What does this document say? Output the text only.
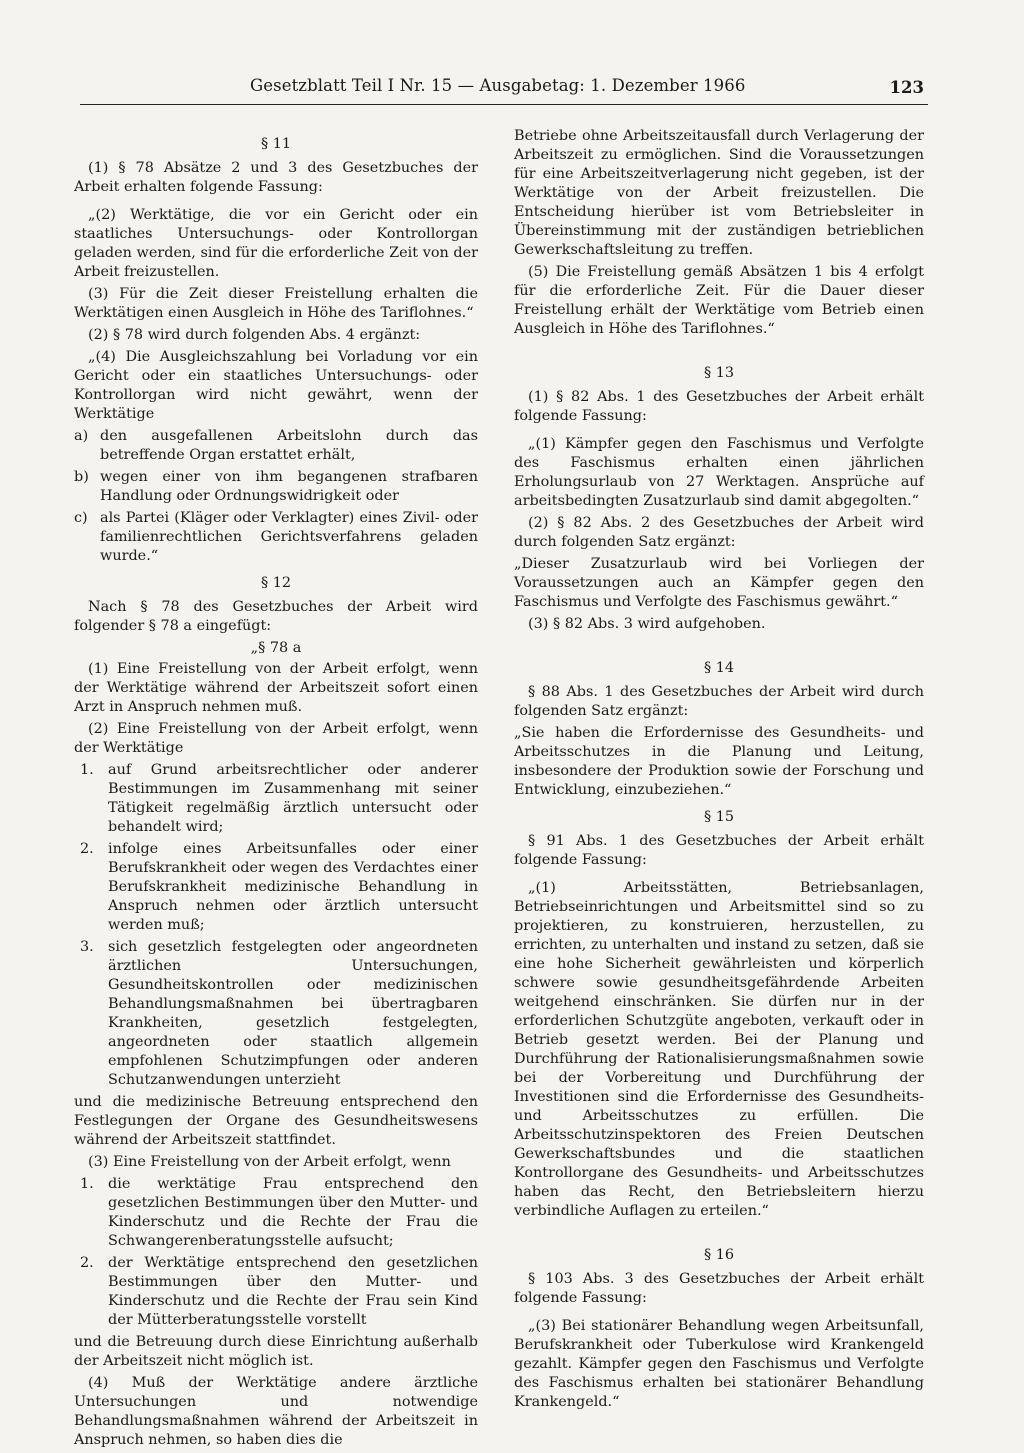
Gesetzblatt Teil I Nr. 15 — Ausgabetag: 1. Dezember 1966	123
§ 11
(1) § 78 Absätze 2 und 3 des Gesetzbuches der Arbeit erhalten folgende Fassung:
„(2) Werktätige, die vor ein Gericht oder ein staatliches Untersuchungs- oder Kontrollorgan geladen werden, sind für die erforderliche Zeit von der Arbeit freizustellen.
(3) Für die Zeit dieser Freistellung erhalten die Werktätigen einen Ausgleich in Höhe des Tariflohnes.“
(2) § 78 wird durch folgenden Abs. 4 ergänzt:
„(4) Die Ausgleichszahlung bei Vorladung vor ein Gericht oder ein staatliches Untersuchungs- oder Kontrollorgan wird nicht gewährt, wenn der Werktätige
a) den ausgefallenen Arbeitslohn durch das betreffende Organ erstattet erhält,
b) wegen einer von ihm begangenen strafbaren Handlung oder Ordnungswidrigkeit oder
c) als Partei (Kläger oder Verklagter) eines Zivil- oder familienrechtlichen Gerichtsverfahrens geladen wurde.“
§ 12
Nach § 78 des Gesetzbuches der Arbeit wird folgender § 78 a eingefügt:
„§ 78 a
(1) Eine Freistellung von der Arbeit erfolgt, wenn der Werktätige während der Arbeitszeit sofort einen Arzt in Anspruch nehmen muß.
(2) Eine Freistellung von der Arbeit erfolgt, wenn der Werktätige
1. auf Grund arbeitsrechtlicher oder anderer Bestimmungen im Zusammenhang mit seiner Tätigkeit regelmäßig ärztlich untersucht oder behandelt wird;
2. infolge eines Arbeitsunfalles oder einer Berufskrankheit oder wegen des Verdachtes einer Berufskrankheit medizinische Behandlung in Anspruch nehmen oder ärztlich untersucht werden muß;
3. sich gesetzlich festgelegten oder angeordneten ärztlichen Untersuchungen, Gesundheitskontrollen oder medizinischen Behandlungsmaßnahmen bei übertragbaren Krankheiten, gesetzlich festgelegten, angeordneten oder staatlich allgemein empfohlenen Schutzimpfungen oder anderen Schutzanwendungen unterzieht
und die medizinische Betreuung entsprechend den Festlegungen der Organe des Gesundheitswesens während der Arbeitszeit stattfindet.
(3) Eine Freistellung von der Arbeit erfolgt, wenn
1. die werktätige Frau entsprechend den gesetzlichen Bestimmungen über den Mutter- und Kinderschutz und die Rechte der Frau die Schwangerenberatungsstelle aufsucht;
2. der Werktätige entsprechend den gesetzlichen Bestimmungen über den Mutter- und Kinderschutz und die Rechte der Frau sein Kind der Mütterberatungsstelle vorstellt
und die Betreuung durch diese Einrichtung außerhalb der Arbeitszeit nicht möglich ist.
(4) Muß der Werktätige andere ärztliche Untersuchungen und notwendige Behandlungsmaßnahmen während der Arbeitszeit in Anspruch nehmen, so haben dies die
Betriebe ohne Arbeitszeitausfall durch Verlagerung der Arbeitszeit zu ermöglichen. Sind die Voraussetzungen für eine Arbeitszeitverlagerung nicht gegeben, ist der Werktätige von der Arbeit freizustellen. Die Entscheidung hierüber ist vom Betriebsleiter in Übereinstimmung mit der zuständigen betrieblichen Gewerkschaftsleitung zu treffen.
(5) Die Freistellung gemäß Absätzen 1 bis 4 erfolgt für die erforderliche Zeit. Für die Dauer dieser Freistellung erhält der Werktätige vom Betrieb einen Ausgleich in Höhe des Tariflohnes.“
§ 13
(1) § 82 Abs. 1 des Gesetzbuches der Arbeit erhält folgende Fassung:
„(1) Kämpfer gegen den Faschismus und Verfolgte des Faschismus erhalten einen jährlichen Erholungsurlaub von 27 Werktagen. Ansprüche auf arbeitsbedingten Zusatzurlaub sind damit abgegolten.“
(2) § 82 Abs. 2 des Gesetzbuches der Arbeit wird durch folgenden Satz ergänzt:
„Dieser Zusatzurlaub wird bei Vorliegen der Voraussetzungen auch an Kämpfer gegen den Faschismus und Verfolgte des Faschismus gewährt.“
(3) § 82 Abs. 3 wird aufgehoben.
§ 14
§ 88 Abs. 1 des Gesetzbuches der Arbeit wird durch folgenden Satz ergänzt:
„Sie haben die Erfordernisse des Gesundheits- und Arbeitsschutzes in die Planung und Leitung, insbesondere der Produktion sowie der Forschung und Entwicklung, einzubeziehen.“
§ 15
§ 91 Abs. 1 des Gesetzbuches der Arbeit erhält folgende Fassung:
„(1) Arbeitsstätten, Betriebsanlagen, Betriebseinrichtungen und Arbeitsmittel sind so zu projektieren, zu konstruieren, herzustellen, zu errichten, zu unterhalten und instand zu setzen, daß sie eine hohe Sicherheit gewährleisten und körperlich schwere sowie gesundheitsgefährdende Arbeiten weitgehend einschränken. Sie dürfen nur in der erforderlichen Schutzgüte angeboten, verkauft oder in Betrieb gesetzt werden. Bei der Planung und Durchführung der Rationalisierungsmaßnahmen sowie bei der Vorbereitung und Durchführung der Investitionen sind die Erfordernisse des Gesundheits- und Arbeitsschutzes zu erfüllen. Die Arbeitsschutzinspektoren des Freien Deutschen Gewerkschaftsbundes und die staatlichen Kontrollorgane des Gesundheits- und Arbeitsschutzes haben das Recht, den Betriebsleitern hierzu verbindliche Auflagen zu erteilen.“
§ 16
§ 103 Abs. 3 des Gesetzbuches der Arbeit erhält folgende Fassung:
„(3) Bei stationärer Behandlung wegen Arbeitsunfall, Berufskrankheit oder Tuberkulose wird Krankengeld gezahlt. Kämpfer gegen den Faschismus und Verfolgte des Faschismus erhalten bei stationärer Behandlung Krankengeld.“
